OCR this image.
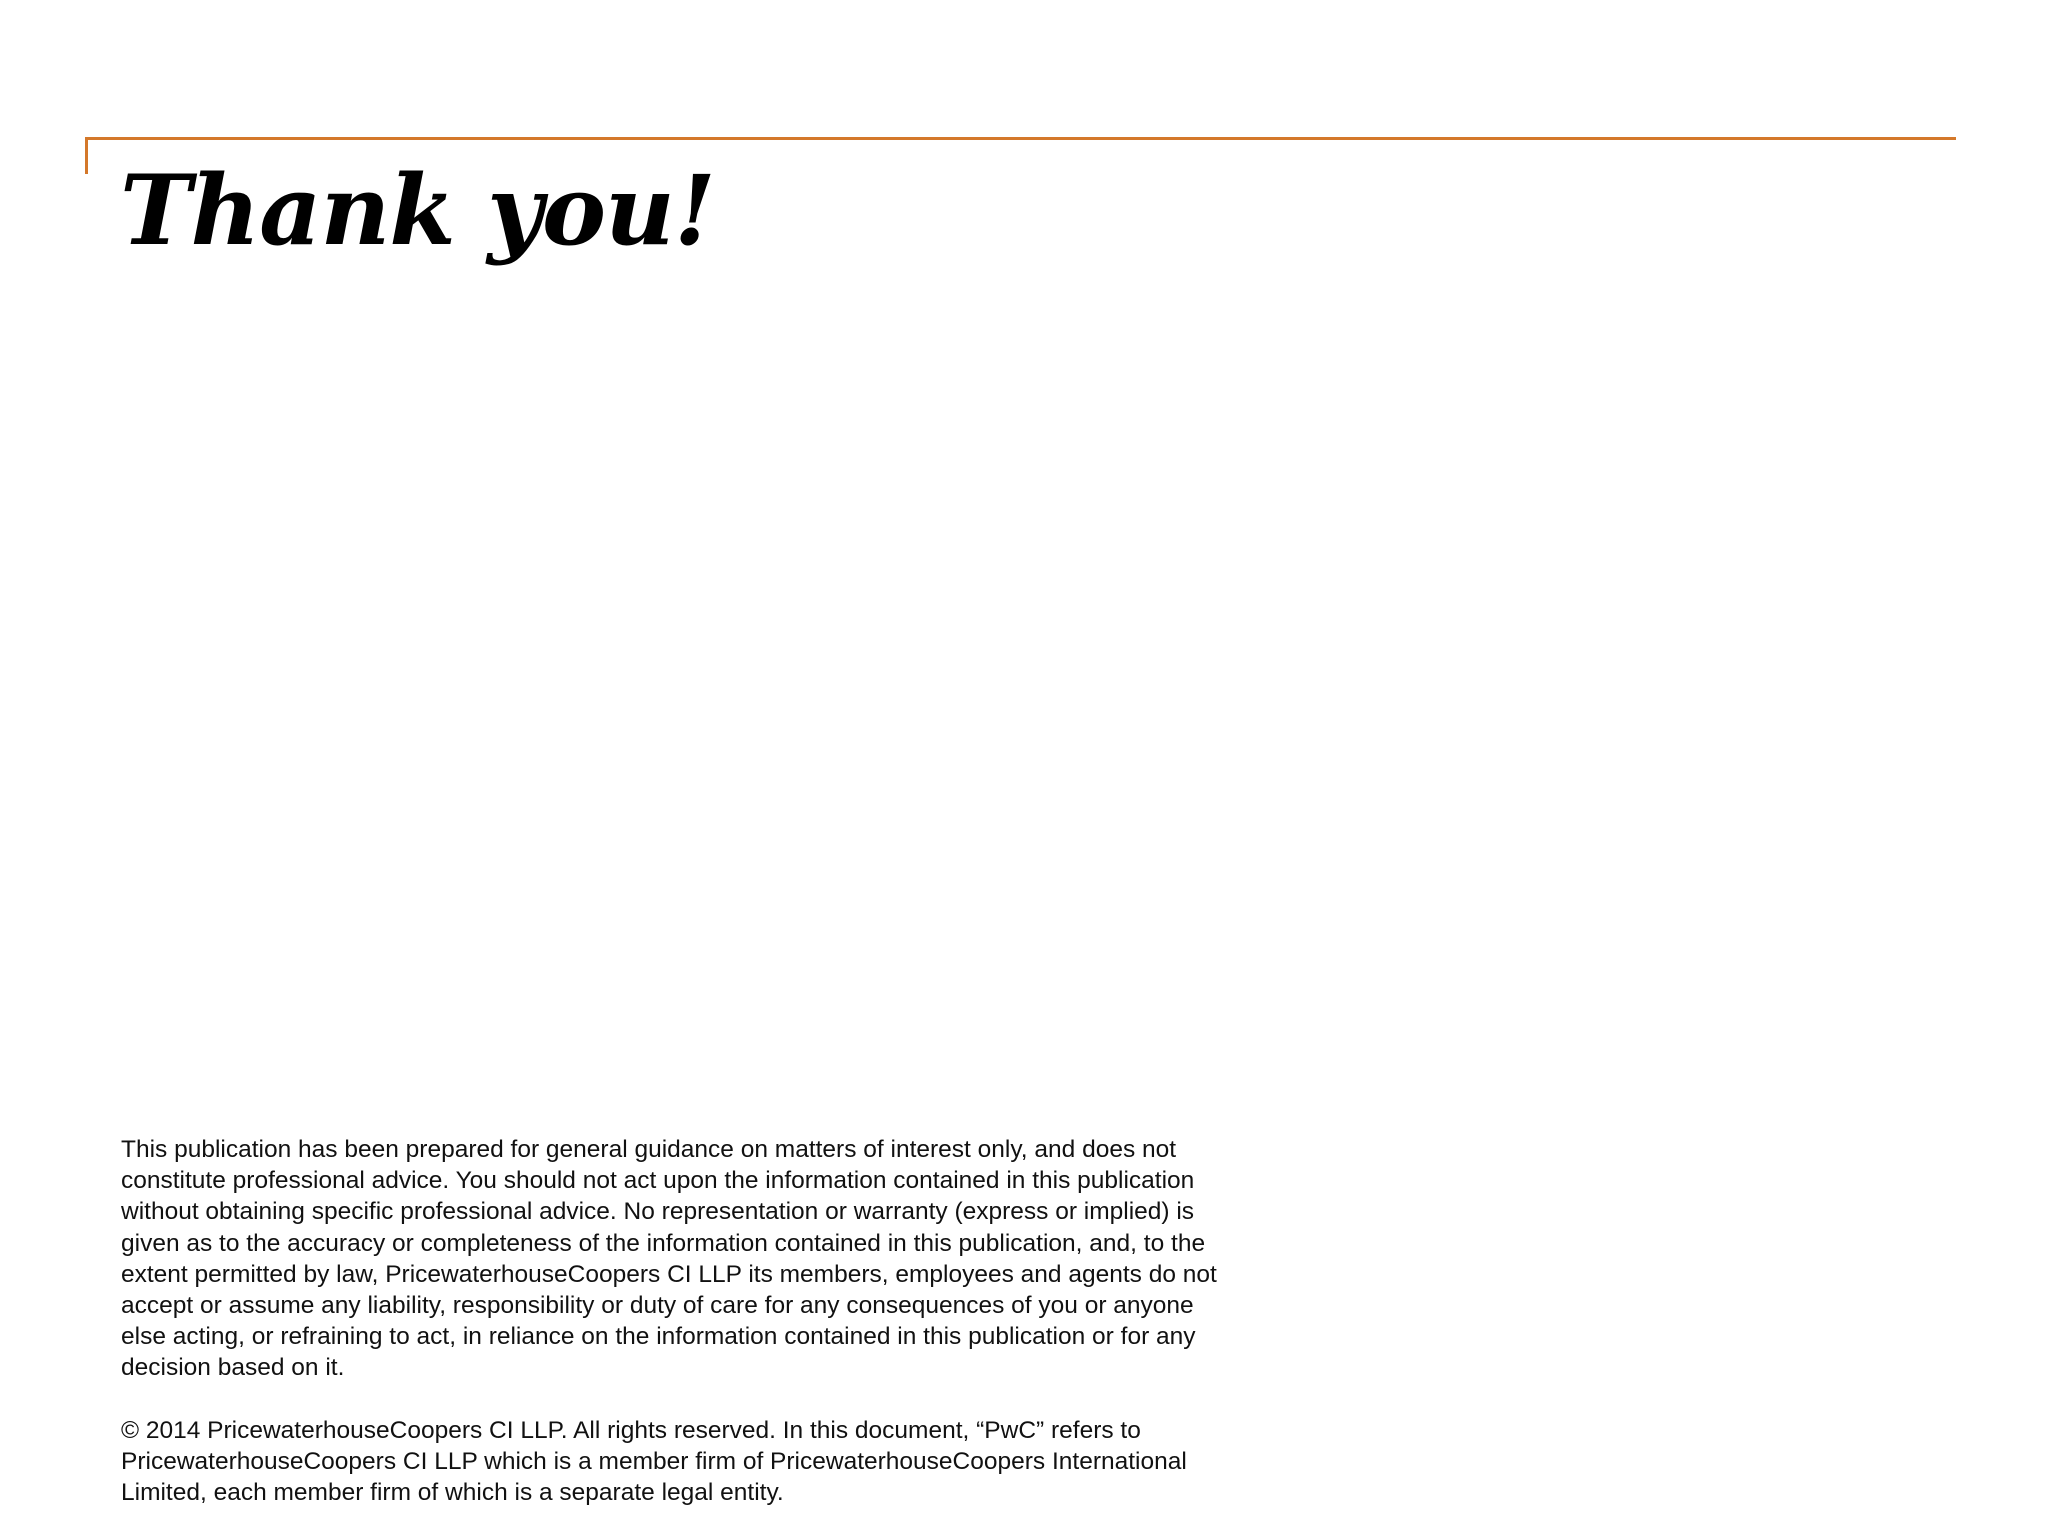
Thank you!

This publication has been prepared for general guidance on matters of interest only, and does not constitute professional advice. You should not act upon the information contained in this publication without obtaining specific professional advice. No representation or warranty (express or implied) is given as to the accuracy or completeness of the information contained in this publication, and, to the extent permitted by law, PricewaterhouseCoopers CI LLP its members, employees and agents do not accept or assume any liability, responsibility or duty of care for any consequences of you or anyone else acting, or refraining to act, in reliance on the information contained in this publication or for any decision based on it.

© 2014 PricewaterhouseCoopers CI LLP. All rights reserved. In this document, “PwC” refers to PricewaterhouseCoopers CI LLP which is a member firm of PricewaterhouseCoopers International Limited, each member firm of which is a separate legal entity.
